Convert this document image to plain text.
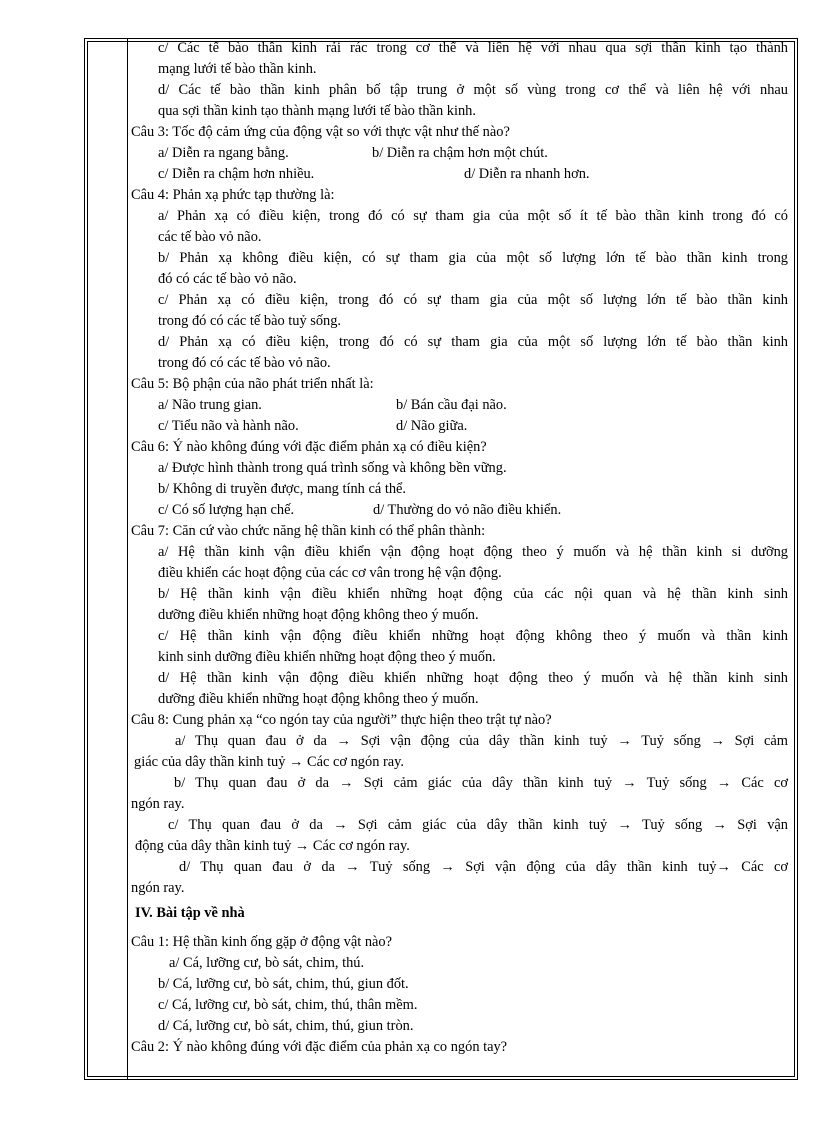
c/ Các tế bào thần kinh rải rác trong cơ thể và liên hệ với nhau qua sợi thần kinh tạo thành
mạng lưới tế bào thần kinh.
d/ Các tế bào thần kinh phân bố tập trung ở một số vùng trong cơ thể và liên hệ với nhau
qua sợi thần kinh tạo thành mạng lưới tế bào thần kinh.
Câu 3: Tốc độ cảm ứng của động vật so với thực vật như thế nào?
a/ Diễn ra ngang bằng.	b/ Diễn ra chậm hơn một chút.
c/ Diễn ra chậm hơn nhiều.	d/ Diễn ra nhanh hơn.
Câu 4: Phản xạ phức tạp thường là:
a/ Phản xạ có điều kiện, trong đó có sự tham gia của một số ít tế bào thần kinh trong đó có
các tế bào vỏ não.
b/ Phản xạ không điều kiện, có sự tham gia của một số lượng lớn tế bào thần kinh trong
đó có các tế bào vỏ não.
c/ Phản xạ có điều kiện, trong đó có sự tham gia của một số lượng lớn tế bào thần kinh
trong đó có các tế bào tuỷ sống.
d/ Phản xạ có điều kiện, trong đó có sự tham gia của một số lượng lớn tế bào thần kinh
trong đó có các tế bào vỏ não.
Câu 5: Bộ phận của não phát triển nhất là:
a/ Não trung gian.	b/ Bán cầu đại não.
c/ Tiểu não và hành não.	d/ Não giữa.
Câu 6: Ý nào không đúng với đặc điểm phản xạ có điều kiện?
a/ Được hình thành trong quá trình sống và không bền vững.
b/ Không di truyền được, mang tính cá thể.
c/ Có số lượng hạn chế.	d/ Thường do vỏ não điều khiển.
Câu 7: Căn cứ vào chức năng hệ thần kinh có thể phân thành:
a/ Hệ thần kinh vận điều khiển vận động hoạt động theo ý muốn và hệ thần kinh si dưỡng
điều khiển các hoạt động của các cơ vân trong hệ vận động.
b/ Hệ thần kinh vận điều khiển những hoạt động của các nội quan và hệ thần kinh sinh
dưỡng điều khiển những hoạt động không theo ý muốn.
c/ Hệ thần kinh vận động điều khiển những hoạt động không theo ý muốn và thần kinh
kinh sinh dưỡng điều khiển những hoạt động theo ý muốn.
d/ Hệ thần kinh vận động điều khiển những hoạt động theo ý muốn và hệ thần kinh sinh
dưỡng điều khiển những hoạt động không theo ý muốn.
Câu 8: Cung phản xạ “co ngón tay của người” thực hiện theo trật tự nào?
a/ Thụ quan đau ở da → Sợi vận động của dây thần kinh tuỷ → Tuỷ sống → Sợi cảm
giác của dây thần kinh tuỷ → Các cơ ngón ray.
b/ Thụ quan đau ở da → Sợi cảm giác của dây thần kinh tuỷ → Tuỷ sống → Các cơ
ngón ray.
c/ Thụ quan đau ở da → Sợi cảm giác của dây thần kinh tuỷ → Tuỷ sống → Sợi vận
động của dây thần kinh tuỷ → Các cơ ngón ray.
d/ Thụ quan đau ở da → Tuỷ sống → Sợi vận động của dây thần kinh tuỷ→ Các cơ
ngón ray.
IV. Bài tập về nhà
Câu 1: Hệ thần kinh ống gặp ở động vật nào?
a/ Cá, lưỡng cư, bò sát, chim, thú.
b/ Cá, lưỡng cư, bò sát, chim, thú, giun đốt.
c/ Cá, lưỡng cư, bò sát, chim, thú, thân mềm.
d/ Cá, lưỡng cư, bò sát, chim, thú, giun tròn.
Câu 2: Ý nào không đúng với đặc điểm của phản xạ co ngón tay?
